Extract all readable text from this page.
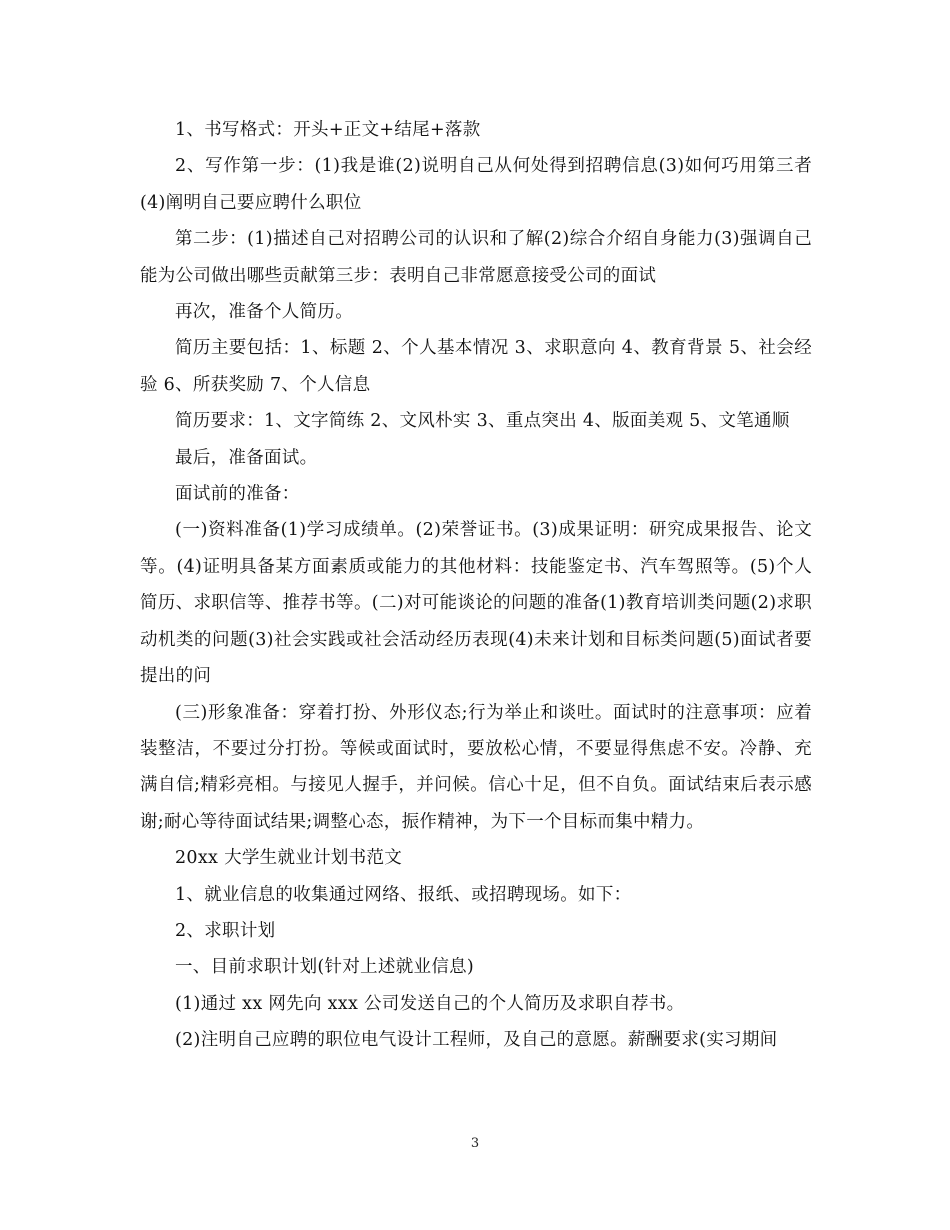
1、书写格式：开头+正文+结尾+落款

2、写作第一步：(1)我是谁(2)说明自己从何处得到招聘信息(3)如何巧用第三者(4)阐明自己要应聘什么职位

第二步：(1)描述自己对招聘公司的认识和了解(2)综合介绍自身能力(3)强调自己能为公司做出哪些贡献第三步：表明自己非常愿意接受公司的面试

再次，准备个人简历。

简历主要包括：1、标题 2、个人基本情况 3、求职意向 4、教育背景 5、社会经验 6、所获奖励 7、个人信息

简历要求：1、文字简练 2、文风朴实 3、重点突出 4、版面美观 5、文笔通顺

最后，准备面试。

面试前的准备：

(一)资料准备(1)学习成绩单。(2)荣誉证书。(3)成果证明：研究成果报告、论文等。(4)证明具备某方面素质或能力的其他材料：技能鉴定书、汽车驾照等。(5)个人简历、求职信等、推荐书等。(二)对可能谈论的问题的准备(1)教育培训类问题(2)求职动机类的问题(3)社会实践或社会活动经历表现(4)未来计划和目标类问题(5)面试者要提出的问

(三)形象准备：穿着打扮、外形仪态;行为举止和谈吐。面试时的注意事项：应着装整洁，不要过分打扮。等候或面试时，要放松心情，不要显得焦虑不安。冷静、充满自信;精彩亮相。与接见人握手，并问候。信心十足，但不自负。面试结束后表示感谢;耐心等待面试结果;调整心态，振作精神，为下一个目标而集中精力。

20xx 大学生就业计划书范文

1、就业信息的收集通过网络、报纸、或招聘现场。如下：

2、求职计划

一、目前求职计划(针对上述就业信息)

(1)通过 xx 网先向 xxx 公司发送自己的个人简历及求职自荐书。

(2)注明自己应聘的职位电气设计工程师，及自己的意愿。薪酬要求(实习期间

3
